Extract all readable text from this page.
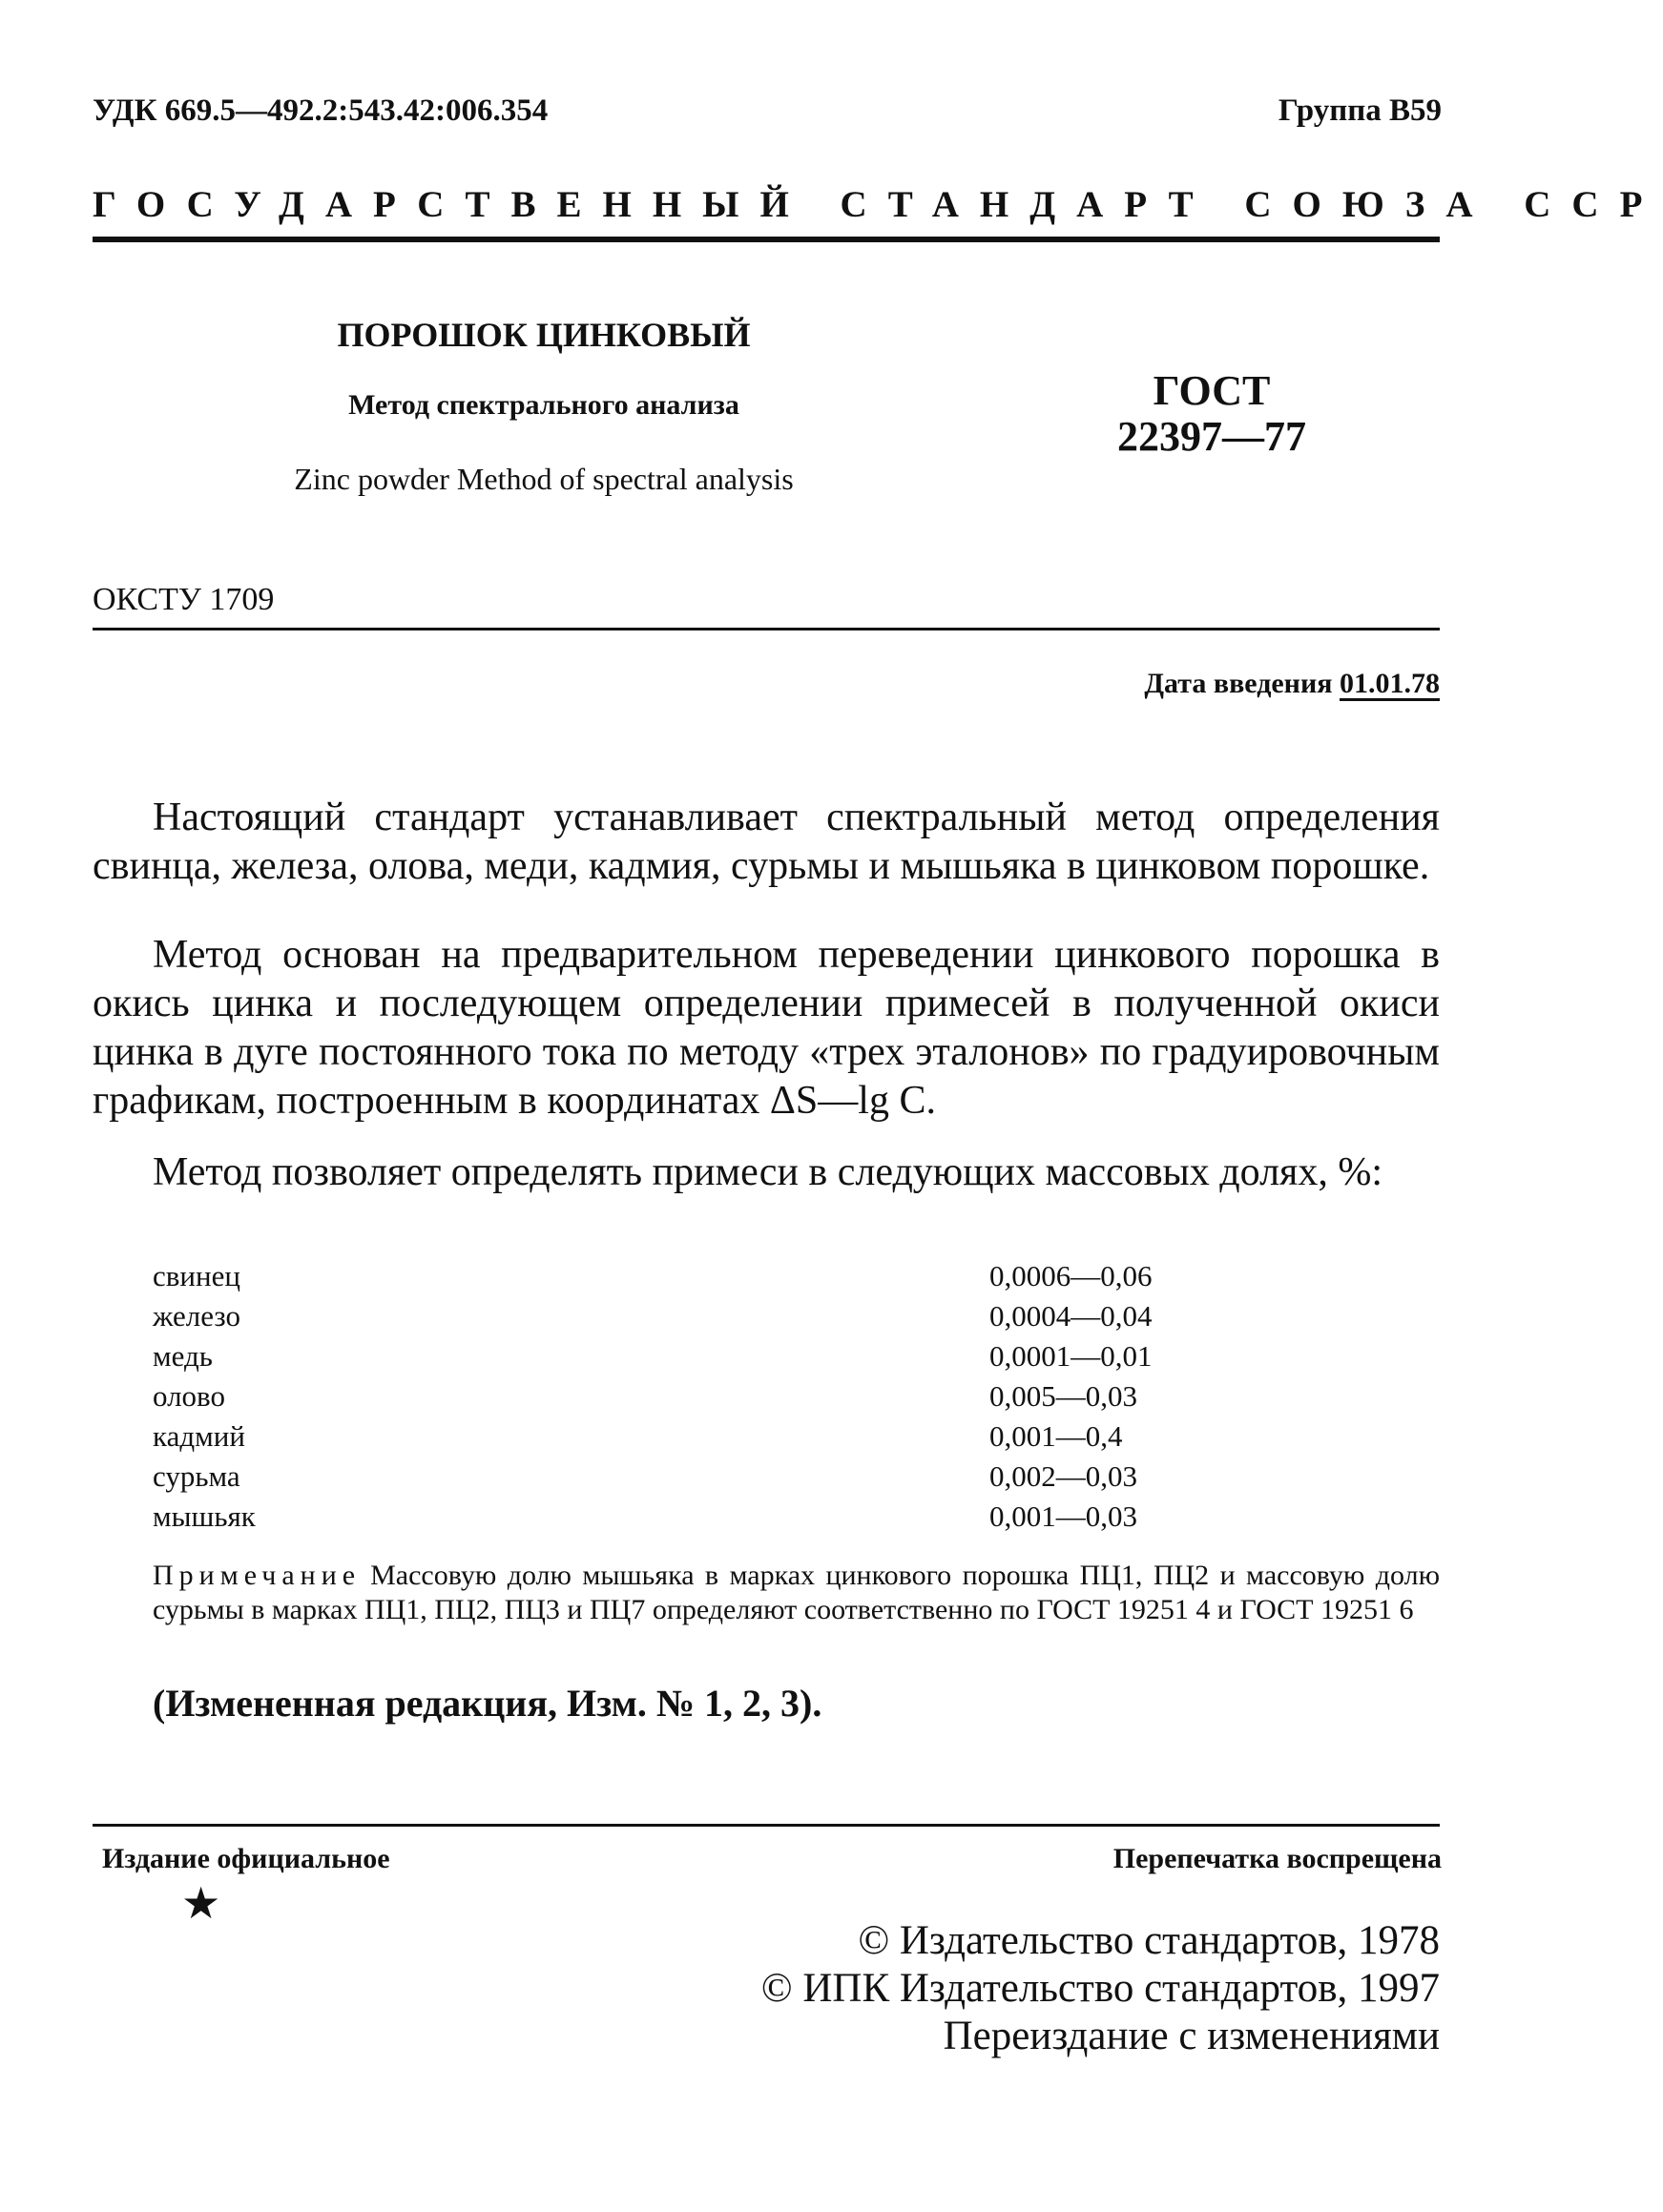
УДК 669.5—492.2:543.42:006.354	Группа B59
ГОСУДАРСТВЕННЫЙ СТАНДАРТ СОЮЗА ССР
ПОРОШОК ЦИНКОВЫЙ
Метод спектрального анализа
Zinc powder Method of spectral analysis
ГОСТ
22397—77
ОКСТУ 1709
Дата введения 01.01.78
Настоящий стандарт устанавливает спектральный метод определения свинца, железа, олова, меди, кадмия, сурьмы и мышьяка в цинковом порошке.
Метод основан на предварительном переведении цинкового порошка в окись цинка и последующем определении примесей в полученной окиси цинка в дуге постоянного тока по методу «трех эталонов» по градуировочным графикам, построенным в координатах ΔS—lg C.
Метод позволяет определять примеси в следующих массовых долях, %:
свинец	0,0006—0,06
железо	0,0004—0,04
медь	0,0001—0,01
олово	0,005—0,03
кадмий	0,001—0,4
сурьма	0,002—0,03
мышьяк	0,001—0,03
Примечание Массовую долю мышьяка в марках цинкового порошка ПЦ1, ПЦ2 и массовую долю сурьмы в марках ПЦ1, ПЦ2, ПЦ3 и ПЦ7 определяют соответственно по ГОСТ 19251 4 и ГОСТ 19251 6
(Измененная редакция, Изм. № 1, 2, 3).
Издание официальное	Перепечатка воспрещена
★
© Издательство стандартов, 1978
© ИПК Издательство стандартов, 1997
Переиздание с изменениями
